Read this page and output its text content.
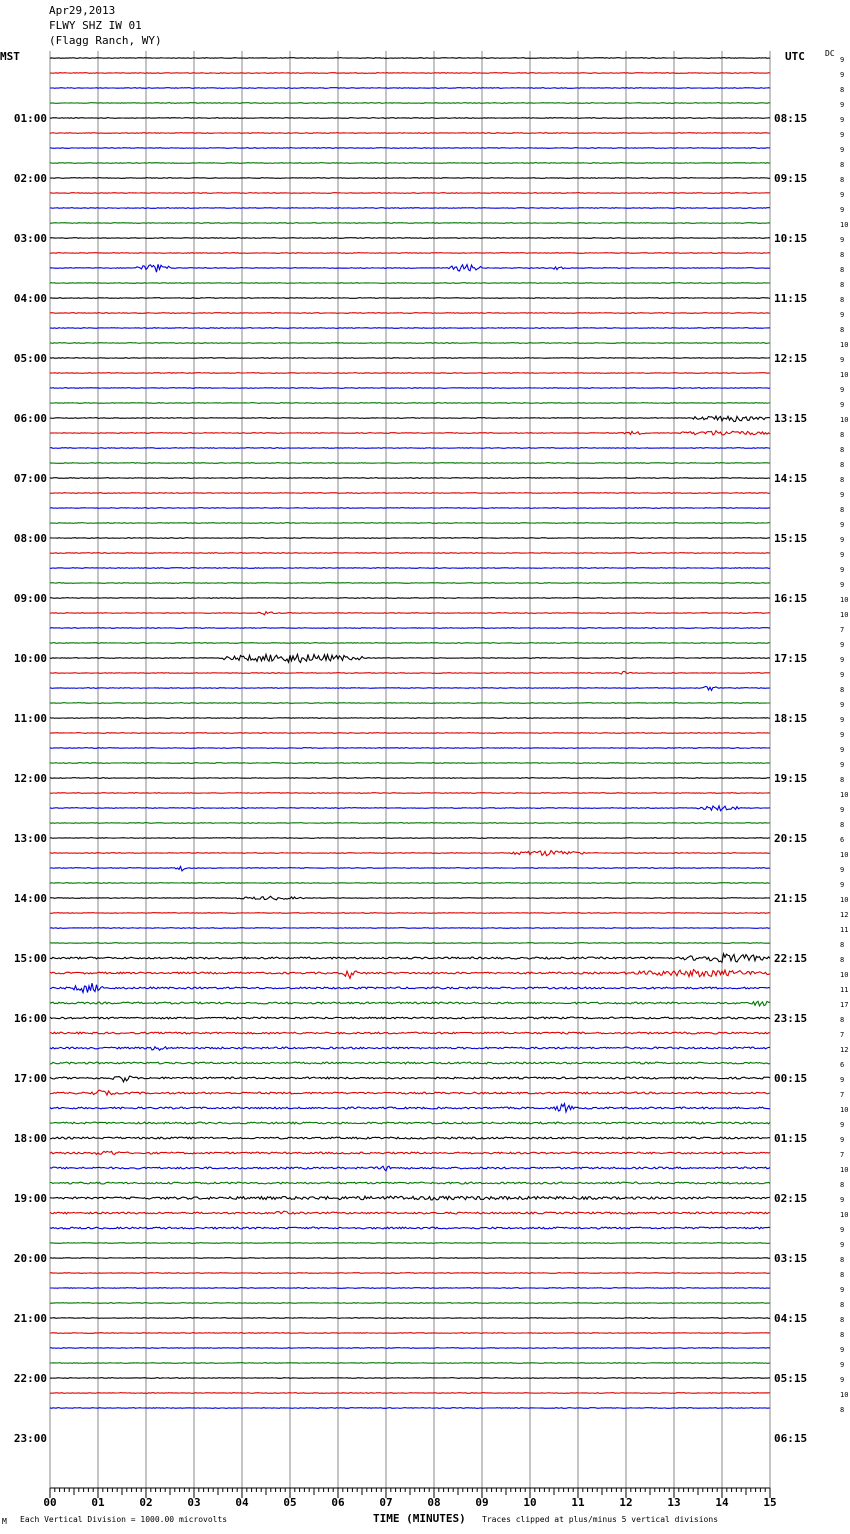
Apr29,2013
FLWY SHZ IW 01
(Flagg Ranch, WY)
MST	UTC	DC
00	01	02	03	04	05	06	07	08	09	10	11	12	13	14	15
9
9
8
9
9
9
9
8
8
9
9
10
9
8
8
8
8
9
8
10
9
10
9
9
10
8
8
8
8
9
8
9
9
9
9
9
10
10
7
9
9
9
8
9
9
9
9
9
8
10
9
8
6
10
9
9
10
12
11
8
8
10
11
17
8
7
12
6
9
7
10
9
9
7
10
8
9
10
9
9
8
8
9
8
8
8
9
9
9
10
8
01:00
02:00
03:00
04:00
05:00
06:00
07:00
08:00
09:00
10:00
11:00
12:00
13:00
14:00
15:00
16:00
17:00
18:00
19:00
20:00
21:00
22:00
23:00
08:15
09:15
10:15
11:15
12:15
13:15
14:15
15:15
16:15
17:15
18:15
19:15
20:15
21:15
22:15
23:15
00:15
01:15
02:15
03:15
04:15
05:15
06:15
M Each Vertical Division = 1000.00 microvolts	TIME (MINUTES) Traces clipped at plus/minus 5 vertical divisions
